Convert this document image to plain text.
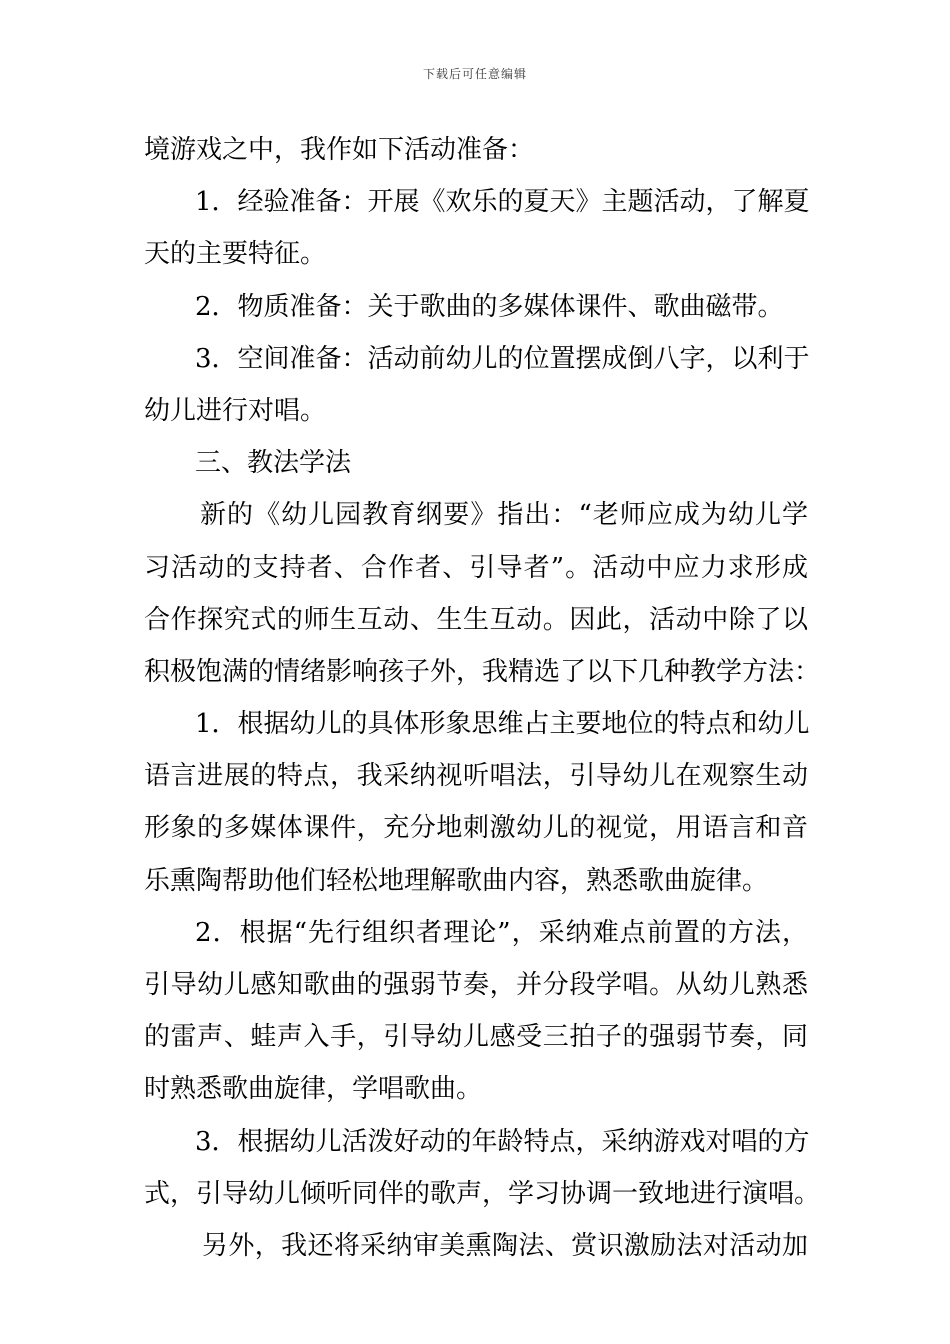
下载后可任意编辑
境游戏之中，我作如下活动准备：
1．经验准备：开展《欢乐的夏天》主题活动，了解夏
天的主要特征。
2．物质准备：关于歌曲的多媒体课件、歌曲磁带。
3．空间准备：活动前幼儿的位置摆成倒八字，以利于
幼儿进行对唱。
三、教法学法
新的《幼儿园教育纲要》指出：“老师应成为幼儿学
习活动的支持者、合作者、引导者”。活动中应力求形成
合作探究式的师生互动、生生互动。因此，活动中除了以
积极饱满的情绪影响孩子外，我精选了以下几种教学方法：
1．根据幼儿的具体形象思维占主要地位的特点和幼儿
语言进展的特点，我采纳视听唱法，引导幼儿在观察生动
形象的多媒体课件，充分地刺激幼儿的视觉，用语言和音
乐熏陶帮助他们轻松地理解歌曲内容，熟悉歌曲旋律。
2．根据“先行组织者理论”，采纳难点前置的方法，
引导幼儿感知歌曲的强弱节奏，并分段学唱。从幼儿熟悉
的雷声、蛙声入手，引导幼儿感受三拍子的强弱节奏，同
时熟悉歌曲旋律，学唱歌曲。
3．根据幼儿活泼好动的年龄特点，采纳游戏对唱的方
式，引导幼儿倾听同伴的歌声，学习协调一致地进行演唱。
另外，我还将采纳审美熏陶法、赏识激励法对活动加
